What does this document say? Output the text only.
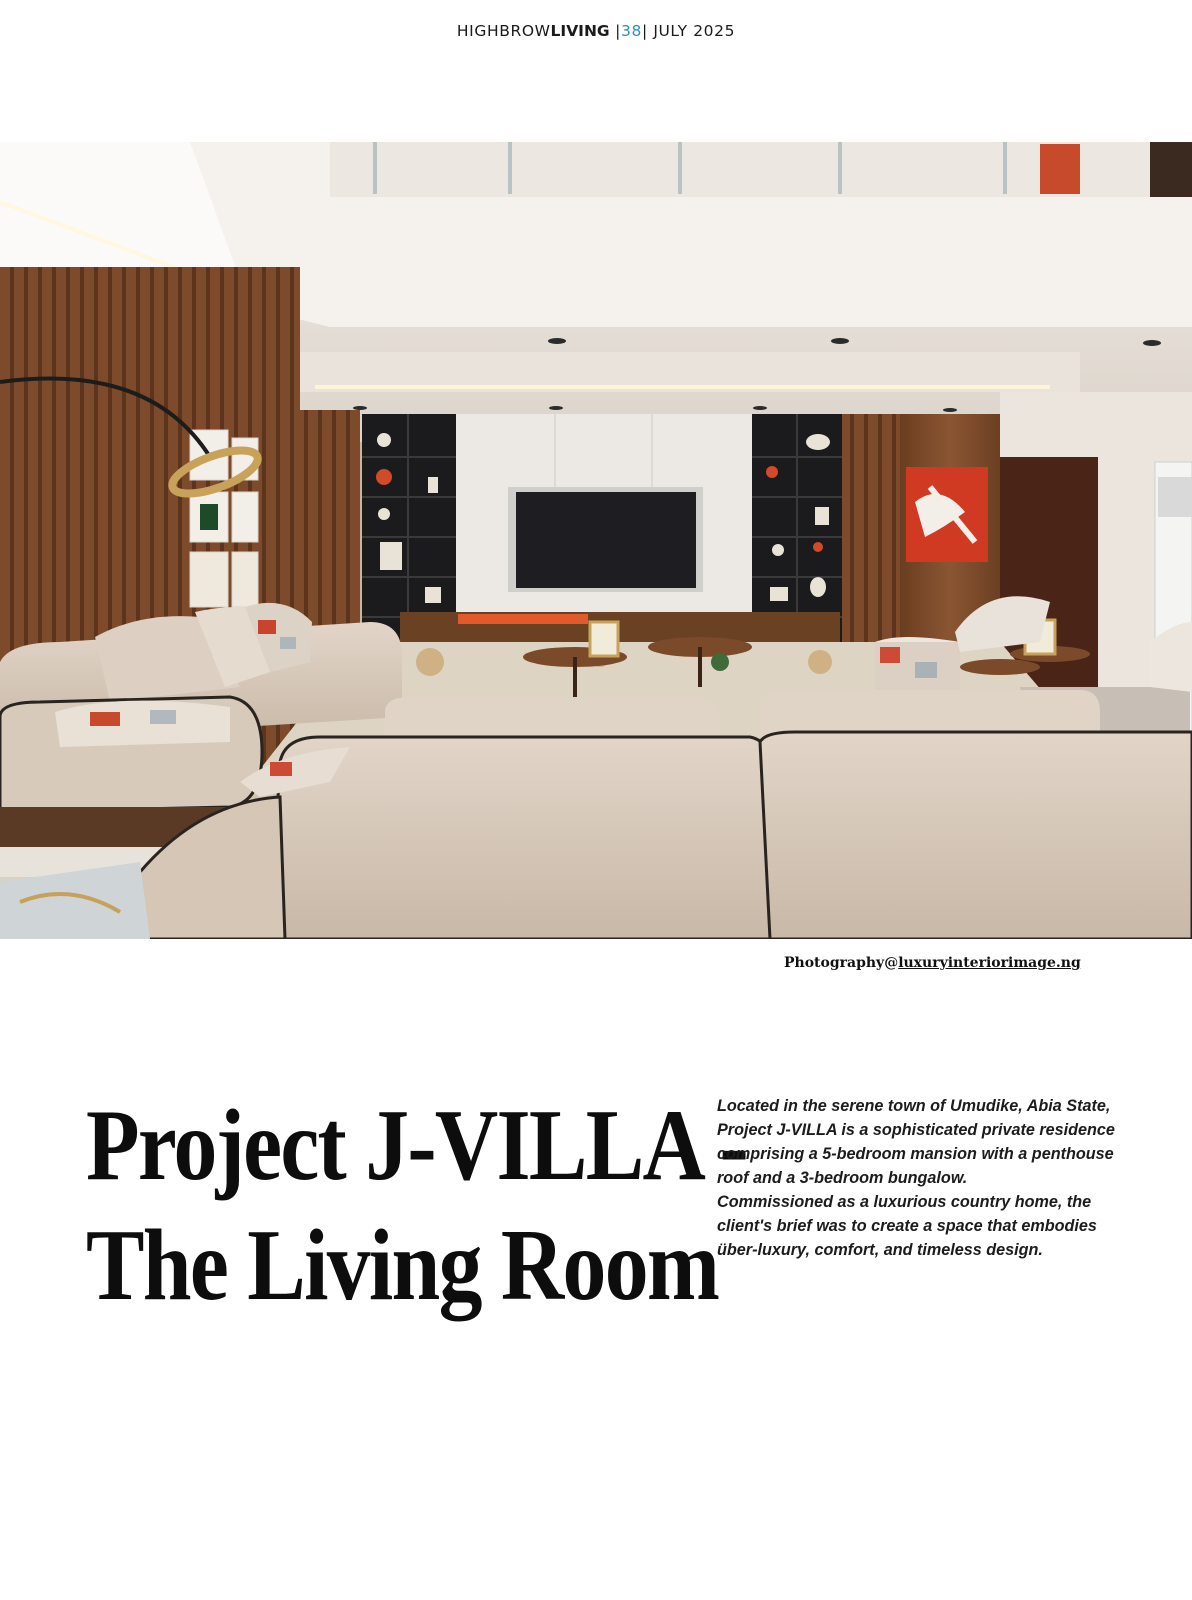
HIGHBROWLIVING |38| JULY 2025
Photography@luxuryinteriorimage.ng
Project J-VILLA -
The Living Room

Located in the serene town of Umudike, Abia State, Project J-VILLA is a sophisticated private residence comprising a 5-bedroom mansion with a penthouse roof and a 3-bedroom bungalow.

Commissioned as a luxurious country home, the client's brief was to create a space that embodies über-luxury, comfort, and timeless design.
